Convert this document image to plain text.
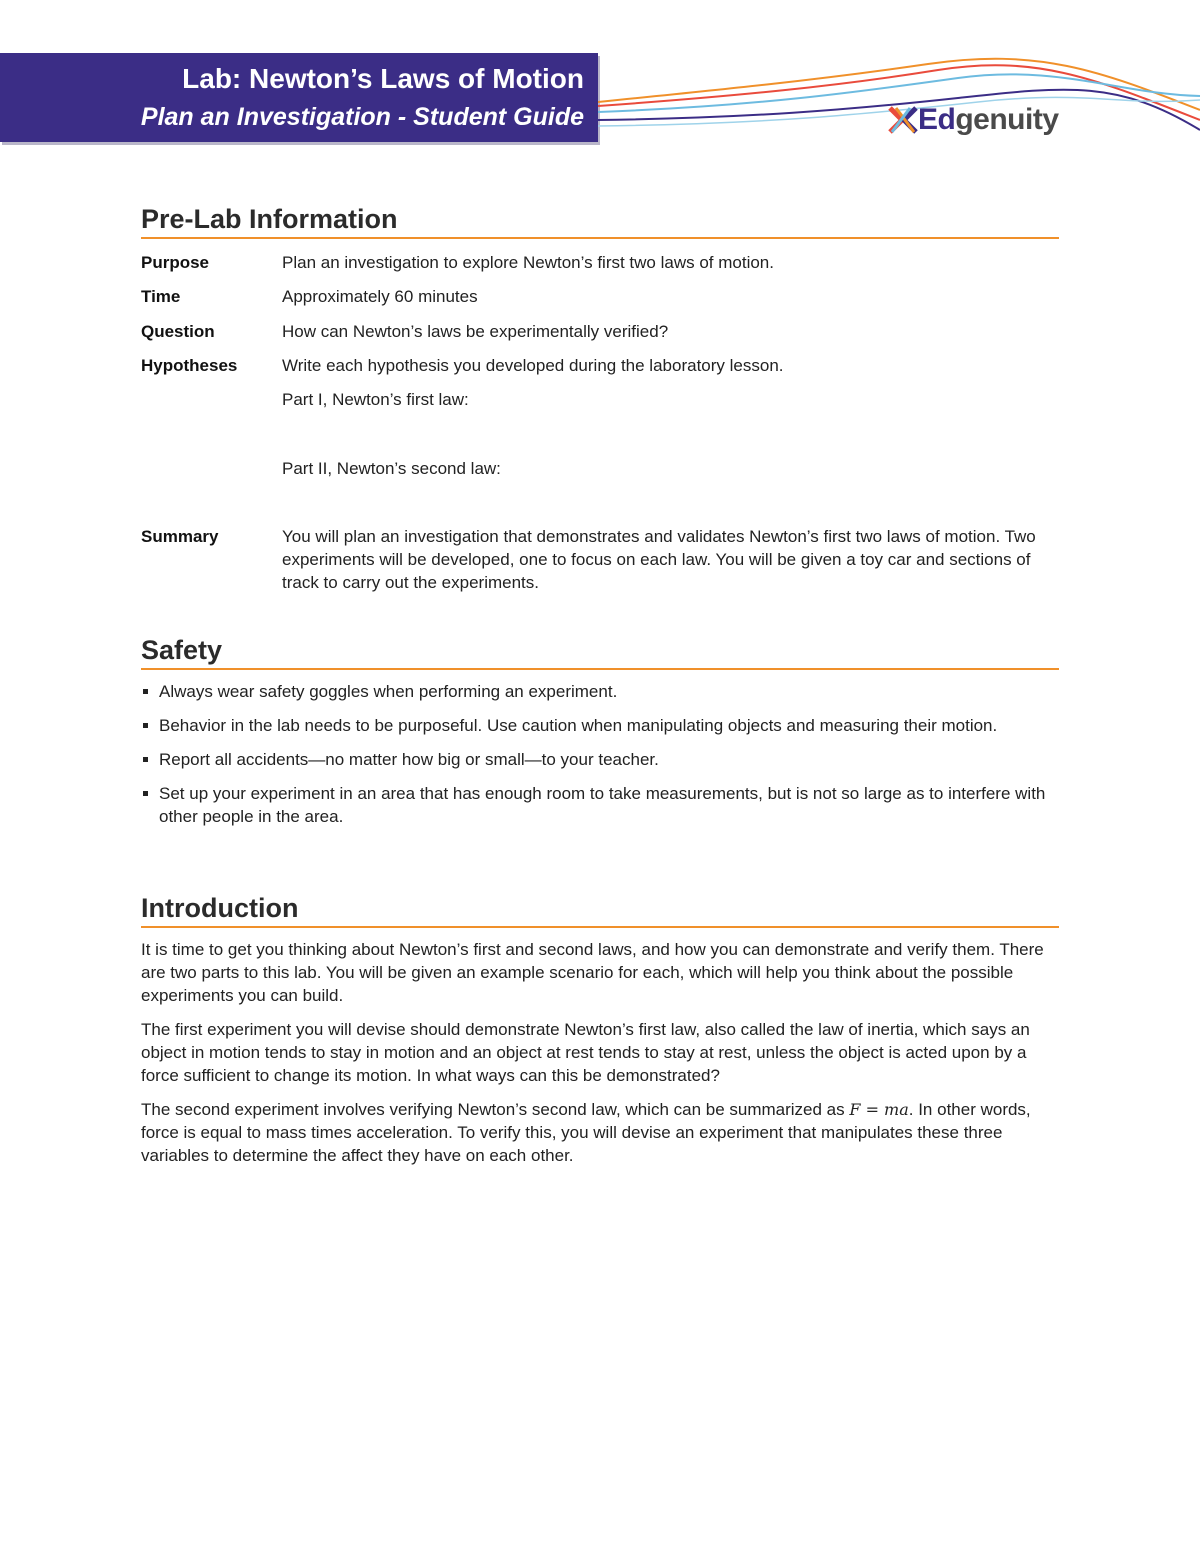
Lab: Newton’s Laws of Motion
Plan an Investigation - Student Guide	Edgenuity
Pre-Lab Information
Purpose	Plan an investigation to explore Newton’s first two laws of motion.
Time	Approximately 60 minutes
Question	How can Newton’s laws be experimentally verified?
Hypotheses	Write each hypothesis you developed during the laboratory lesson.
Part I, Newton’s first law:
Part II, Newton’s second law:
Summary	You will plan an investigation that demonstrates and validates Newton’s first two laws of motion. Two experiments will be developed, one to focus on each law. You will be given a toy car and sections of track to carry out the experiments.
Safety
Always wear safety goggles when performing an experiment.
Behavior in the lab needs to be purposeful. Use caution when manipulating objects and measuring their motion.
Report all accidents—no matter how big or small—to your teacher.
Set up your experiment in an area that has enough room to take measurements, but is not so large as to interfere with other people in the area.
Introduction

It is time to get you thinking about Newton’s first and second laws, and how you can demonstrate and verify them. There are two parts to this lab. You will be given an example scenario for each, which will help you think about the possible experiments you can build.

The first experiment you will devise should demonstrate Newton’s first law, also called the law of inertia, which says an object in motion tends to stay in motion and an object at rest tends to stay at rest, unless the object is acted upon by a force sufficient to change its motion. In what ways can this be demonstrated?

The second experiment involves verifying Newton’s second law, which can be summarized as F = ma. In other words, force is equal to mass times acceleration. To verify this, you will devise an experiment that manipulates these three variables to determine the affect they have on each other.
